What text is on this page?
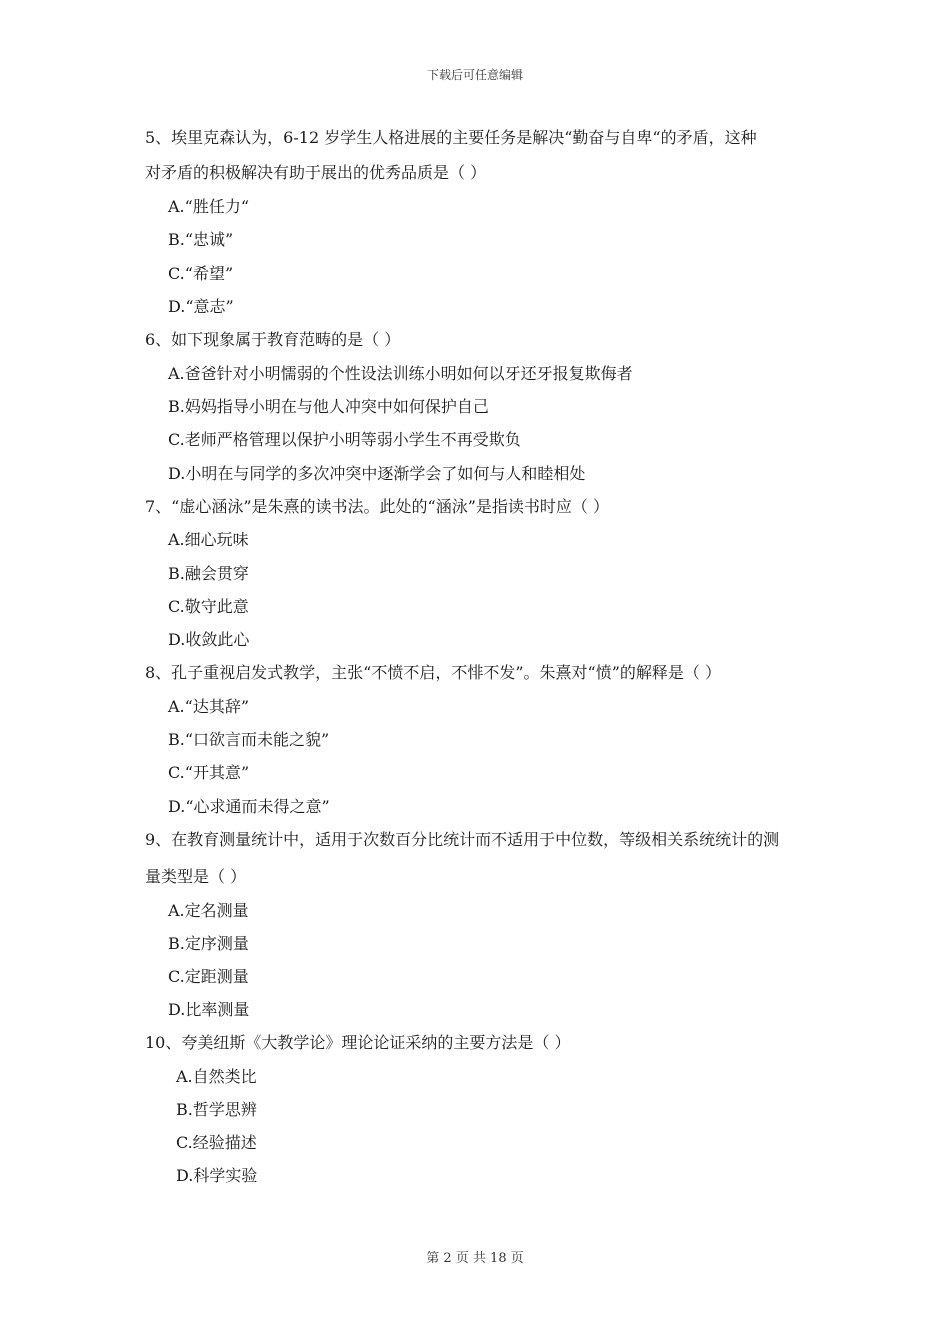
下载后可任意编辑
5、埃里克森认为，6-12 岁学生人格进展的主要任务是解决“勤奋与自卑“的矛盾，这种
对矛盾的积极解决有助于展出的优秀品质是（ ）
A.“胜任力“
B.“忠诚”
C.“希望”
D.“意志”
6、如下现象属于教育范畴的是（ ）
A.爸爸针对小明懦弱的个性设法训练小明如何以牙还牙报复欺侮者
B.妈妈指导小明在与他人冲突中如何保护自己
C.老师严格管理以保护小明等弱小学生不再受欺负
D.小明在与同学的多次冲突中逐渐学会了如何与人和睦相处
7、“虚心涵泳”是朱熹的读书法。此处的“涵泳”是指读书时应（ ）
A.细心玩味
B.融会贯穿
C.敬守此意
D.收敛此心
8、孔子重视启发式教学，主张“不愤不启，不悱不发”。朱熹对“愤”的解释是（ ）
A.“达其辞”
B.“口欲言而未能之貌”
C.“开其意”
D.“心求通而未得之意”
9、在教育测量统计中，适用于次数百分比统计而不适用于中位数，等级相关系统统计的测
量类型是（ ）
A.定名测量
B.定序测量
C.定距测量
D.比率测量
10、夸美纽斯《大教学论》理论论证采纳的主要方法是（ ）
A.自然类比
B.哲学思辨
C.经验描述
D.科学实验
第 2 页 共 18 页
